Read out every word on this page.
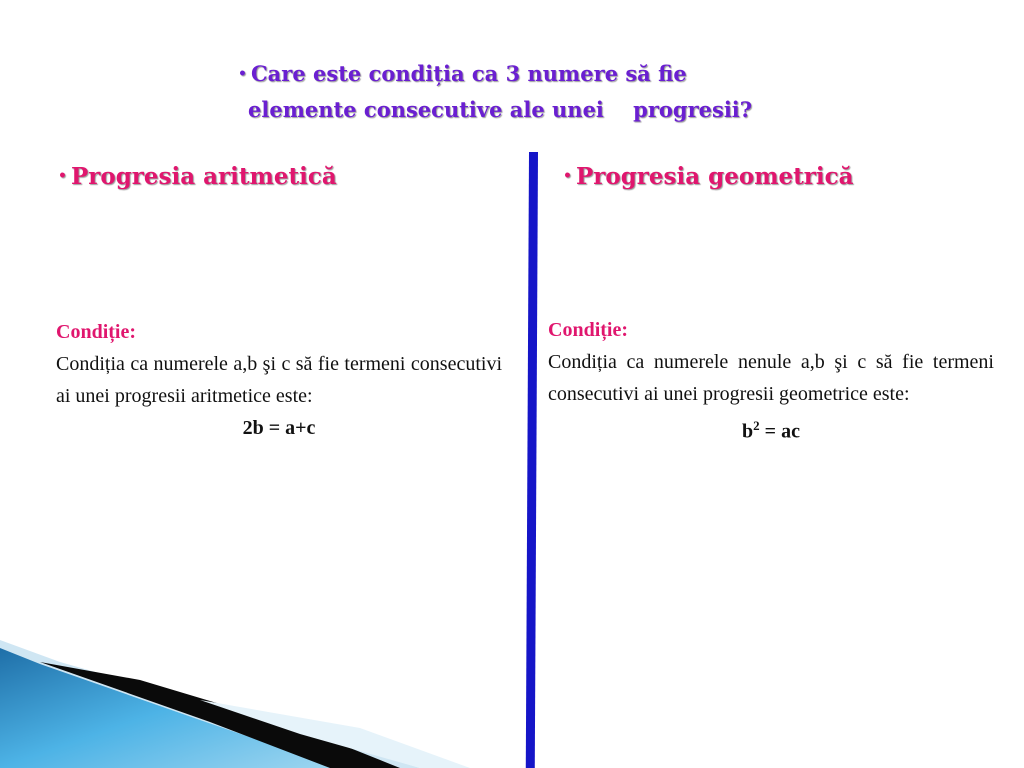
• Care este condiția ca 3 numere să fie
elemente consecutive ale unei    progresii?
• Progresia aritmetică	• Progresia geometrică
Condiție:
Condiția ca numerele a,b şi c să fie termeni consecutivi ai unei progresii aritmetice este:
2b = a+c
Condiție:
Condiția ca numerele nenule a,b şi c să fie termeni consecutivi ai unei progresii geometrice este:
$b^2$ = ac
